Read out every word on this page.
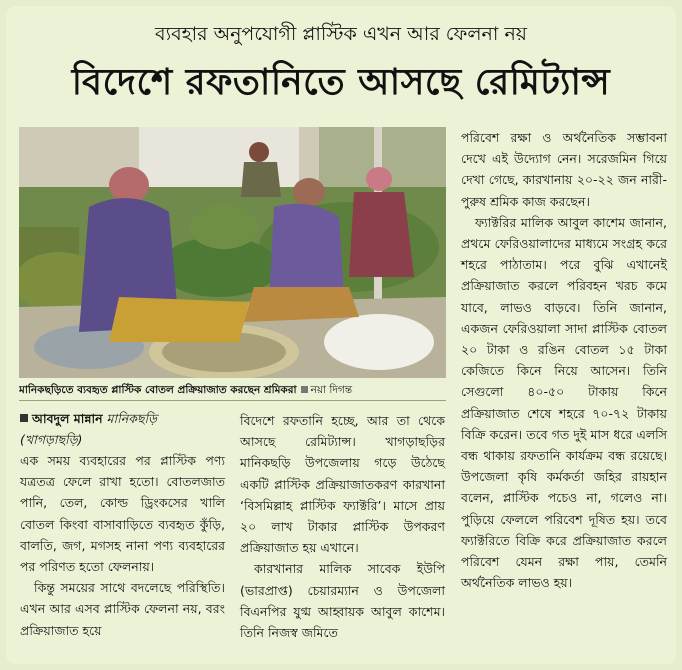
ব্যবহার অনুপযোগী প্লাস্টিক এখন আর ফেলনা নয়
বিদেশে রফতানিতে আসছে রেমিট্যান্স
মানিকছড়িতে ব্যবহৃত প্লাস্টিক বোতল প্রক্রিয়াজাত করছেন শ্রমিকরা নয়া দিগন্ত
আবদুল মান্নান মানিকছড়ি
(খাগড়াছড়ি)

এক সময় ব্যবহারের পর প্লাস্টিক পণ্য যত্রতত্র ফেলে রাখা হতো। বোতলজাত পানি, তেল, কোল্ড ড্রিংকসের খালি বোতল কিংবা বাসাবাড়িতে ব্যবহৃত কুঁড়ি, বালতি, জগ, মগসহ নানা পণ্য ব্যবহারের পর পরিণত হতো ফেলনায়।

কিন্তু সময়ের সাথে বদলেছে পরিস্থিতি। এখন আর এসব প্লাস্টিক ফেলনা নয়, বরং প্রক্রিয়াজাত হয়ে

বিদেশে রফতানি হচ্ছে, আর তা থেকে আসছে রেমিট্যান্স। খাগড়াছড়ির মানিকছড়ি উপজেলায় গড়ে উঠেছে একটি প্লাস্টিক প্রক্রিয়াজাতকরণ কারখানা ‘বিসমিল্লাহ প্লাস্টিক ফ্যাক্টরি’। মাসে প্রায় ২০ লাখ টাকার প্লাস্টিক উপকরণ প্রক্রিয়াজাত হয় এখানে।

কারখানার মালিক সাবেক ইউপি (ভারপ্রাপ্ত) চেয়ারম্যান ও উপজেলা বিএনপির যুগ্ম আহ্বায়ক আবুল কাশেম। তিনি নিজস্ব জমিতে

পরিবেশ রক্ষা ও অর্থনৈতিক সম্ভাবনা দেখে এই উদ্যোগ নেন। সরেজমিন গিয়ে দেখা গেছে, কারখানায় ২০-২২ জন নারী-পুরুষ শ্রমিক কাজ করছেন।

ফ্যাক্টরির মালিক আবুল কাশেম জানান, প্রথমে ফেরিওয়ালাদের মাধ্যমে সংগ্রহ করে শহরে পাঠাতাম। পরে বুঝি এখানেই প্রক্রিয়াজাত করলে পরিবহন খরচ কমে যাবে, লাভও বাড়বে। তিনি জানান, একজন ফেরিওয়ালা সাদা প্লাস্টিক বোতল ২০ টাকা ও রঙিন বোতল ১৫ টাকা কেজিতে কিনে নিয়ে আসেন। তিনি সেগুলো ৪০-৫০ টাকায় কিনে প্রক্রিয়াজাত শেষে শহরে ৭০-৭২ টাকায় বিক্রি করেন। তবে গত দুই মাস ধরে এলসি বন্ধ থাকায় রফতানি কার্যক্রম বন্ধ রয়েছে। উপজেলা কৃষি কর্মকর্তা জহির রায়হান বলেন, প্লাস্টিক পচেও না, গলেও না। পুড়িয়ে ফেললে পরিবেশ দূষিত হয়। তবে ফ্যাক্টরিতে বিক্রি করে প্রক্রিয়াজাত করলে পরিবেশ যেমন রক্ষা পায়, তেমনি অর্থনৈতিক লাভও হয়।
